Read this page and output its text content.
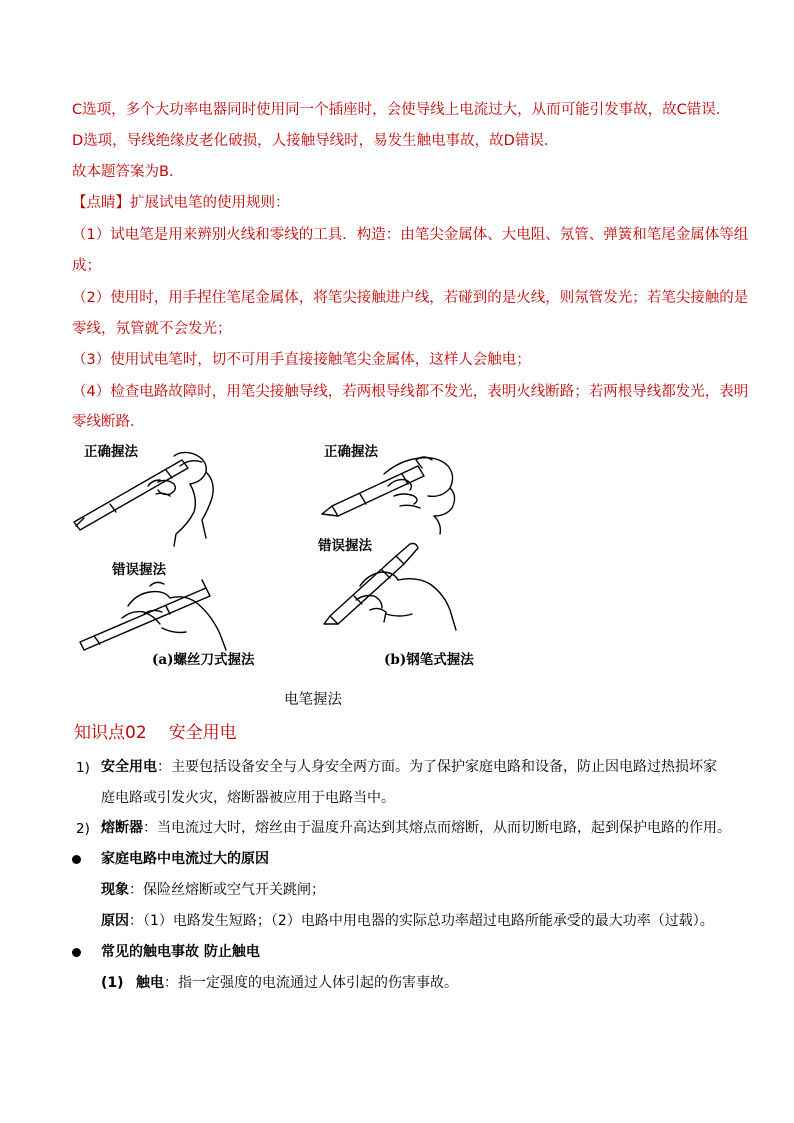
C选项，多个大功率电器同时使用同一个插座时，会使导线上电流过大，从而可能引发事故，故C错误．
D选项，导线绝缘皮老化破损，人接触导线时，易发生触电事故，故D错误．
故本题答案为B．
【点睛】扩展试电笔的使用规则：
（1）试电笔是用来辨别火线和零线的工具．构造：由笔尖金属体、大电阻、氖管、弹簧和笔尾金属体等组
成；
（2）使用时，用手捏住笔尾金属体，将笔尖接触进户线，若碰到的是火线，则氖管发光；若笔尖接触的是
零线，氖管就不会发光；
（3）使用试电笔时，切不可用手直接接触笔尖金属体，这样人会触电；
（4）检查电路故障时，用笔尖接触导线，若两根导线都不发光，表明火线断路；若两根导线都发光，表明
零线断路．
正确握法	正确握法
错误握法
错误握法
(a)螺丝刀式握法	(b)钢笔式握法
电笔握法
知识点02 安全用电
1) 安全用电：主要包括设备安全与人身安全两方面。为了保护家庭电路和设备，防止因电路过热损坏家
庭电路或引发火灾，熔断器被应用于电路当中。
2) 熔断器：当电流过大时，熔丝由于温度升高达到其熔点而熔断，从而切断电路，起到保护电路的作用。
家庭电路中电流过大的原因
现象：保险丝熔断或空气开关跳闸；
原因：（1）电路发生短路；（2）电路中用电器的实际总功率超过电路所能承受的最大功率（过载）。
常见的触电事故 防止触电
(1) 触电：指一定强度的电流通过人体引起的伤害事故。
